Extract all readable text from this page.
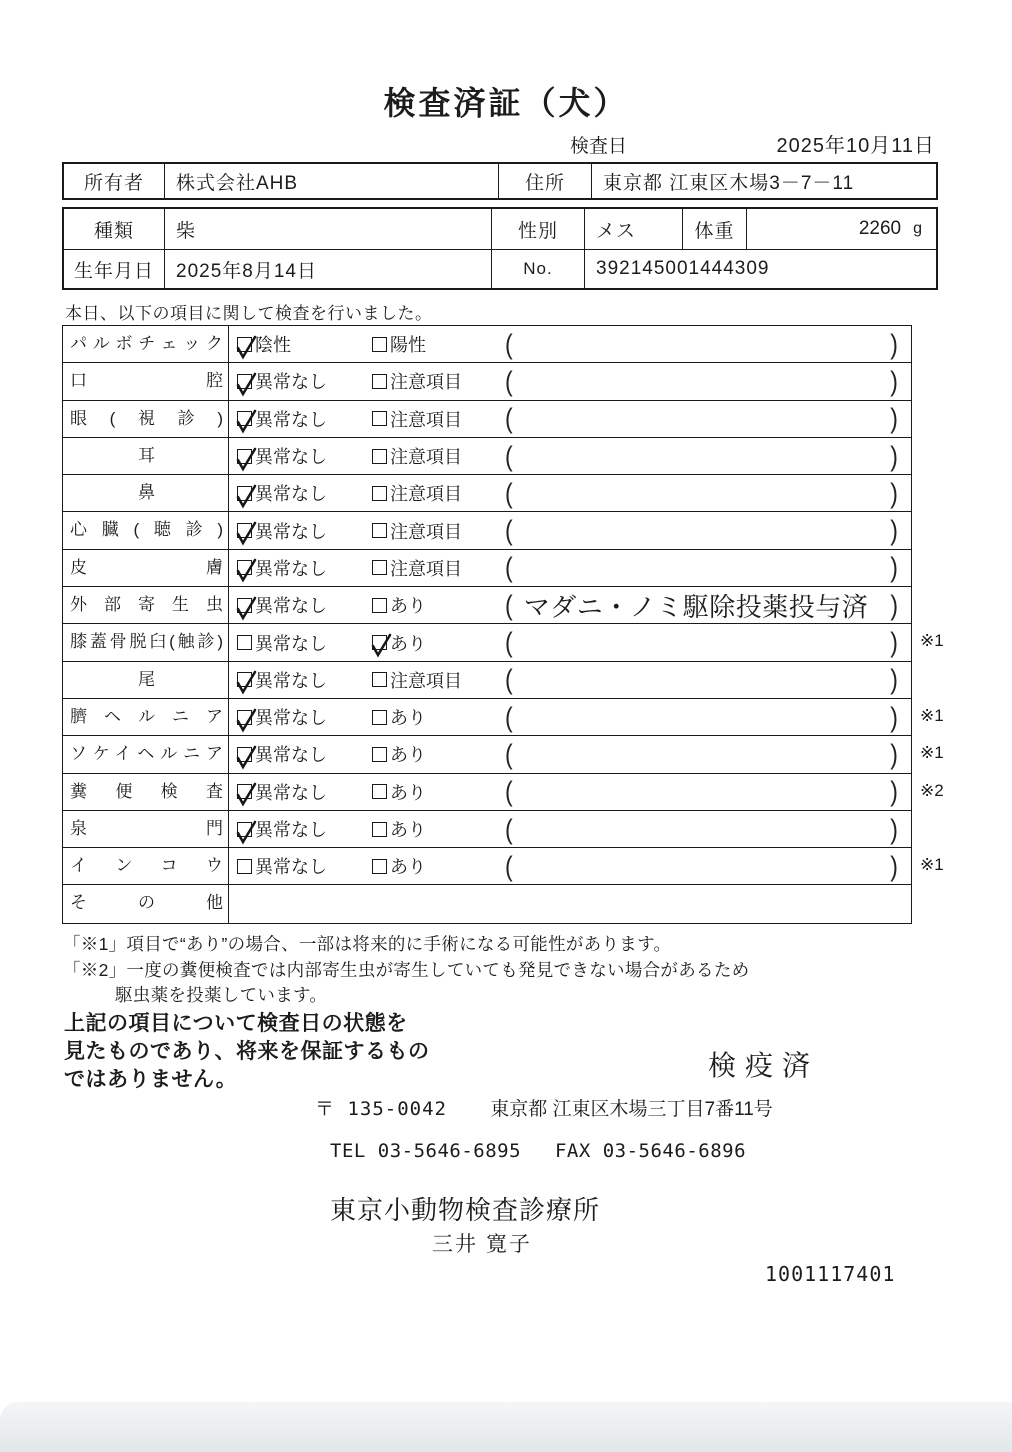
検査済証（犬）
検査日	2025年10月11日
所有者	株式会社AHB	住所	東京都 江東区木場3－7－11
種類	柴	性別	メス	体重	2260 g
生年月日	2025年8月14日	No.	392145001444309
本日、以下の項目に関して検査を行いました。
パルボチェック	陰性	陽性	(	)
口腔	異常なし	注意項目 (	)
眼(視診)	異常なし	注意項目 (	)
耳	異常なし	注意項目 (	)
鼻	異常なし	注意項目 (	)
心臓(聴診)	異常なし	注意項目 (	)
皮膚	異常なし	注意項目 (	)
外部寄生虫	異常なし	あり	( マダニ・ノミ駆除投薬投与済 )
膝蓋骨脱臼(触診)	異常なし	あり	(	)	※1
尾	異常なし	注意項目 (	)
臍ヘルニア	異常なし	あり	(	)	※1
ソケイヘルニア	異常なし	あり	(	)	※1
糞便検査	異常なし	あり	(	)	※2
泉門	異常なし	あり	(	)
インコウ	異常なし	あり	(	)	※1
その他
「※1」項目で“あり”の場合、一部は将来的に手術になる可能性があります。
「※2」一度の糞便検査では内部寄生虫が寄生していても発見できない場合があるため
駆虫薬を投薬しています。
上記の項目について検査日の状態を
見たものであり、将来を保証するもの
ではありません。	検疫済
〒 135-0042 東京都 江東区木場三丁目7番11号
TEL 03-5646-6895 FAX 03-5646-6896
東京小動物検査診療所
三井 寛子
1001117401
